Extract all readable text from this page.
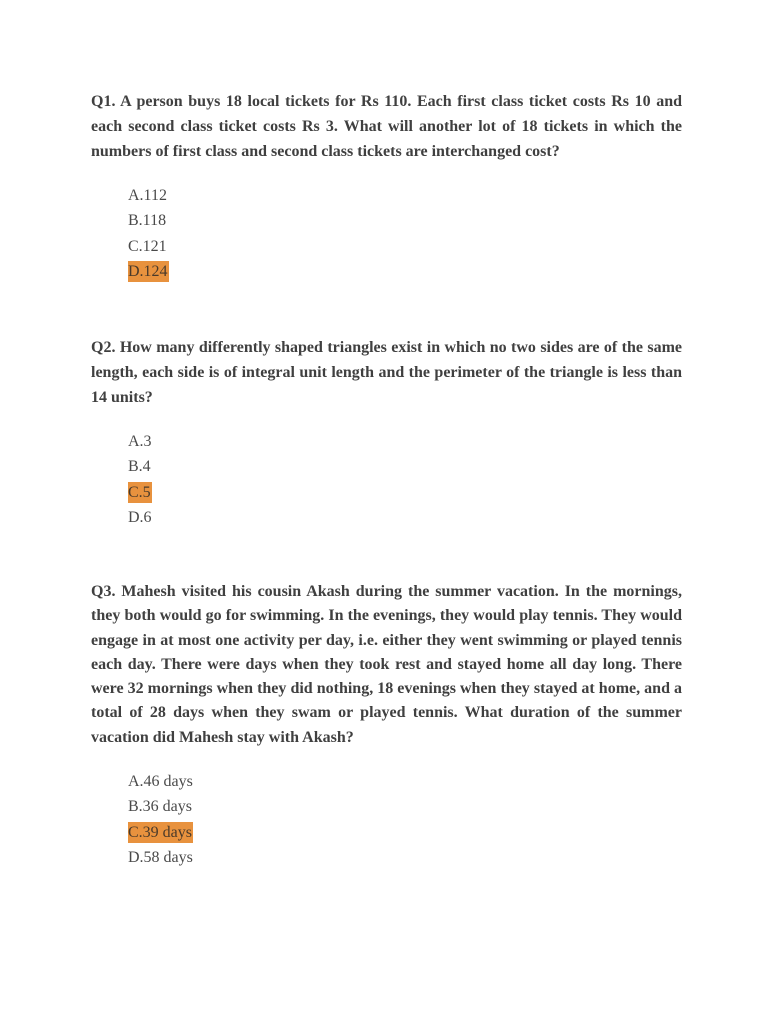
Q1. A person buys 18 local tickets for Rs 110. Each first class ticket costs Rs 10 and each second class ticket costs Rs 3. What will another lot of 18 tickets in which the numbers of first class and second class tickets are interchanged cost?

A.112
B.118
C.121
D.124

Q2. How many differently shaped triangles exist in which no two sides are of the same length, each side is of integral unit length and the perimeter of the triangle is less than 14 units?

A.3
B.4
C.5
D.6

Q3. Mahesh visited his cousin Akash during the summer vacation. In the mornings, they both would go for swimming. In the evenings, they would play tennis. They would engage in at most one activity per day, i.e. either they went swimming or played tennis each day. There were days when they took rest and stayed home all day long. There were 32 mornings when they did nothing, 18 evenings when they stayed at home, and a total of 28 days when they swam or played tennis. What duration of the summer vacation did Mahesh stay with Akash?

A.46 days
B.36 days
C.39 days
D.58 days
